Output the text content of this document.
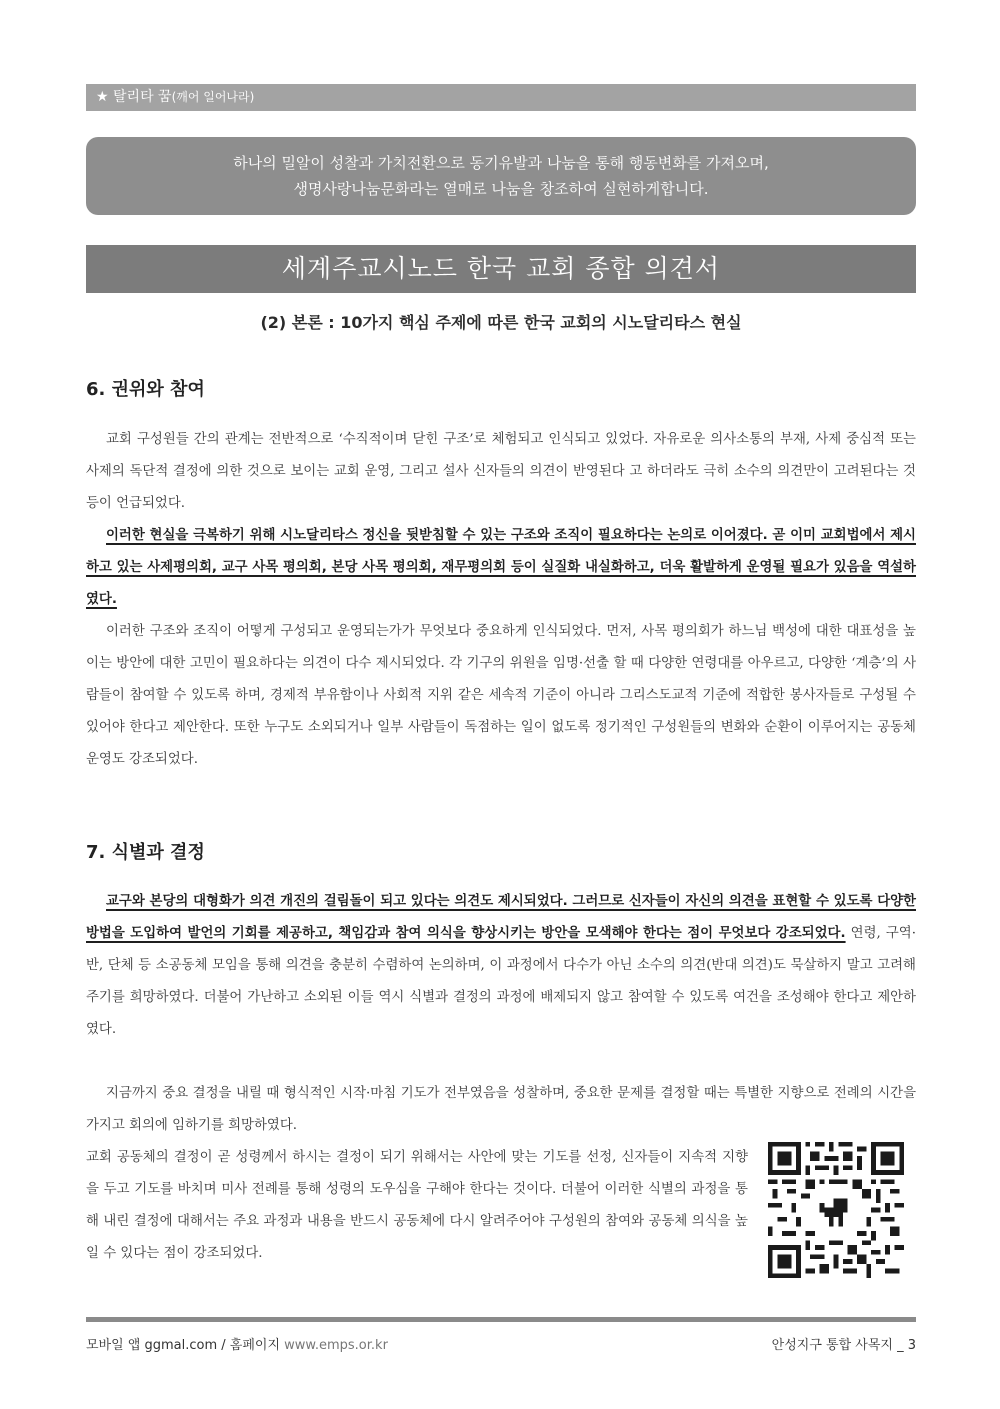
★ 탈리타 꿈(깨어 일어나라)
하나의 밀알이 성찰과 가치전환으로 동기유발과 나눔을 통해 행동변화를 가져오며,
생명사랑나눔문화라는 열매로 나눔을 창조하여 실현하게합니다.
세계주교시노드 한국 교회 종합 의견서
(2) 본론 : 10가지 핵심 주제에 따른 한국 교회의 시노달리타스 현실
6. 권위와 참여

교회 구성원들 간의 관계는 전반적으로 ‘수직적이며 닫힌 구조’로 체험되고 인식되고 있었다. 자유로운 의사소통의 부재, 사제 중심적 또는 사제의 독단적 결정에 의한 것으로 보이는 교회 운영, 그리고 설사 신자들의 의견이 반영된다 고 하더라도 극히 소수의 의견만이 고려된다는 것 등이 언급되었다.

이러한 현실을 극복하기 위해 시노달리타스 정신을 뒷받침할 수 있는 구조와 조직이 필요하다는 논의로 이어졌다. 곧 이미 교회법에서 제시하고 있는 사제평의회, 교구 사목 평의회, 본당 사목 평의회, 재무평의회 등이 실질화 내실화하고, 더욱 활발하게 운영될 필요가 있음을 역설하였다.

이러한 구조와 조직이 어떻게 구성되고 운영되는가가 무엇보다 중요하게 인식되었다. 먼저, 사목 평의회가 하느님 백성에 대한 대표성을 높이는 방안에 대한 고민이 필요하다는 의견이 다수 제시되었다. 각 기구의 위원을 임명·선출 할 때 다양한 연령대를 아우르고, 다양한 ‘계층’의 사람들이 참여할 수 있도록 하며, 경제적 부유함이나 사회적 지위 같은 세속적 기준이 아니라 그리스도교적 기준에 적합한 봉사자들로 구성될 수 있어야 한다고 제안한다. 또한 누구도 소외되거나 일부 사람들이 독점하는 일이 없도록 정기적인 구성원들의 변화와 순환이 이루어지는 공동체 운영도 강조되었다.

7. 식별과 결정

교구와 본당의 대형화가 의견 개진의 걸림돌이 되고 있다는 의견도 제시되었다. 그러므로 신자들이 자신의 의견을 표현할 수 있도록 다양한 방법을 도입하여 발언의 기회를 제공하고, 책임감과 참여 의식을 향상시키는 방안을 모색해야 한다는 점이 무엇보다 강조되었다. 연령, 구역·반, 단체 등 소공동체 모임을 통해 의견을 충분히 수렴하여 논의하며, 이 과정에서 다수가 아닌 소수의 의견(반대 의견)도 묵살하지 말고 고려해 주기를 희망하였다. 더불어 가난하고 소외된 이들 역시 식별과 결정의 과정에 배제되지 않고 참여할 수 있도록 여건을 조성해야 한다고 제안하였다.

지금까지 중요 결정을 내릴 때 형식적인 시작·마침 기도가 전부였음을 성찰하며, 중요한 문제를 결정할 때는 특별한 지향으로 전례의 시간을 가지고 회의에 임하기를 희망하였다.

교회 공동체의 결정이 곧 성령께서 하시는 결정이 되기 위해서는 사안에 맞는 기도를 선정, 신자들이 지속적 지향을 두고 기도를 바치며 미사 전례를 통해 성령의 도우심을 구해야 한다는 것이다. 더불어 이러한 식별의 과정을 통해 내린 결정에 대해서는 주요 과정과 내용을 반드시 공동체에 다시 알려주어야 구성원의 참여와 공동체 의식을 높일 수 있다는 점이 강조되었다.

모바일 앱 ggmal.com / 홈페이지 www.emps.or.kr	안성지구 통합 사목지 _ 3
